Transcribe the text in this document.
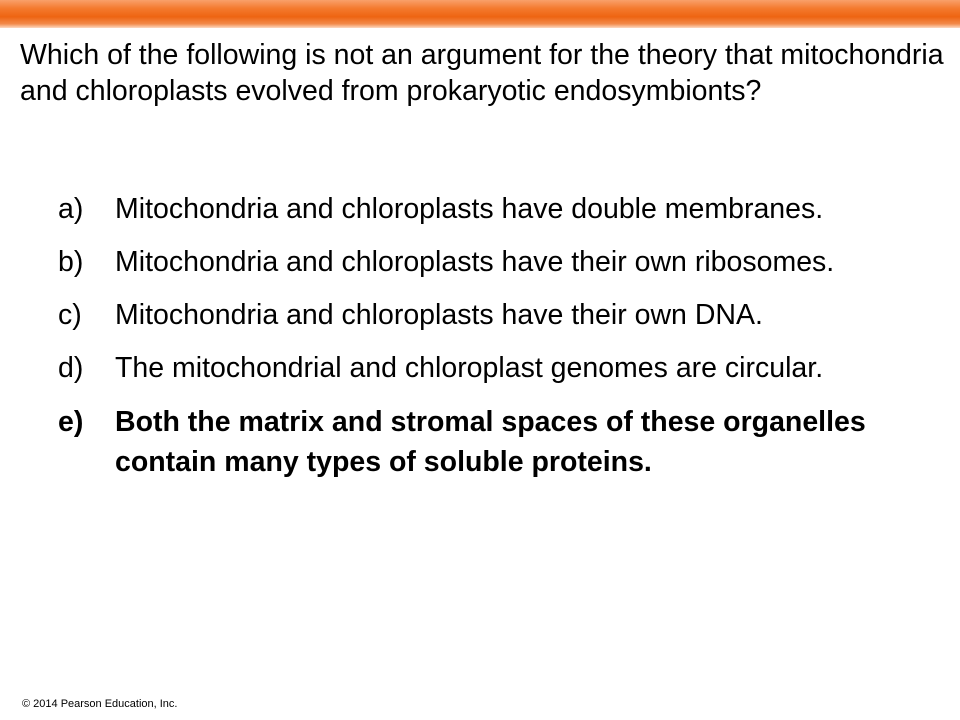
Which of the following is not an argument for the theory that mitochondria and chloroplasts evolved from prokaryotic endosymbionts?

a)	Mitochondria and chloroplasts have double membranes.
b)	Mitochondria and chloroplasts have their own ribosomes.
c)	Mitochondria and chloroplasts have their own DNA.
d)	The mitochondrial and chloroplast genomes are circular.
e)	Both the matrix and stromal spaces of these organelles contain many types of soluble proteins.
© 2014 Pearson Education, Inc.
